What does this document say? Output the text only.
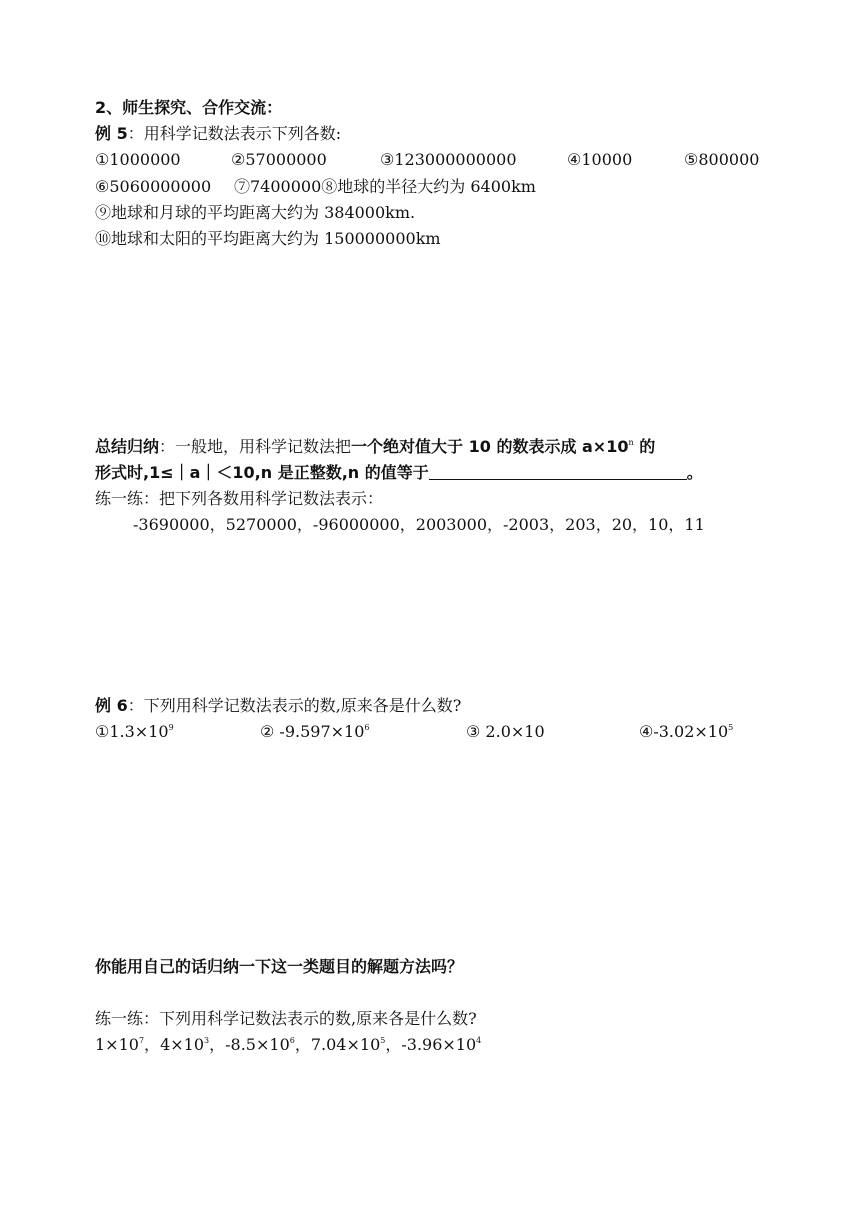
2、师生探究、合作交流：
例 5：用科学记数法表示下列各数:
①1000000	②57000000	③123000000000	④10000	⑤800000
⑥5060000000 ⑦7400000⑧地球的半径大约为 6400km
⑨地球和月球的平均距离大约为 384000km.
⑩地球和太阳的平均距离大约为 150000000km
总结归纳：一般地，用科学记数法把一个绝对值大于 10 的数表示成 $a\times 10^n$ 的
形式时,1≤｜a｜＜10,n 是正整数,n 的值等于	。
练一练：把下列各数用科学记数法表示：
-3690000，5270000，-96000000，2003000，-2003，203，20，10，11
例 6：下列用科学记数法表示的数,原来各是什么数?
$①1.3\times 10^9$	② $-9.597\times 10^6$	③ 2.0×10	$④-3.02\times 10^5$
你能用自己的话归纳一下这一类题目的解题方法吗？
练一练：下列用科学记数法表示的数,原来各是什么数?
$1\times 10^7$，$4\times 10^3$，$-8.5\times 10^6$，$7.04\times 10^5$，$-3.96\times 10^4$
